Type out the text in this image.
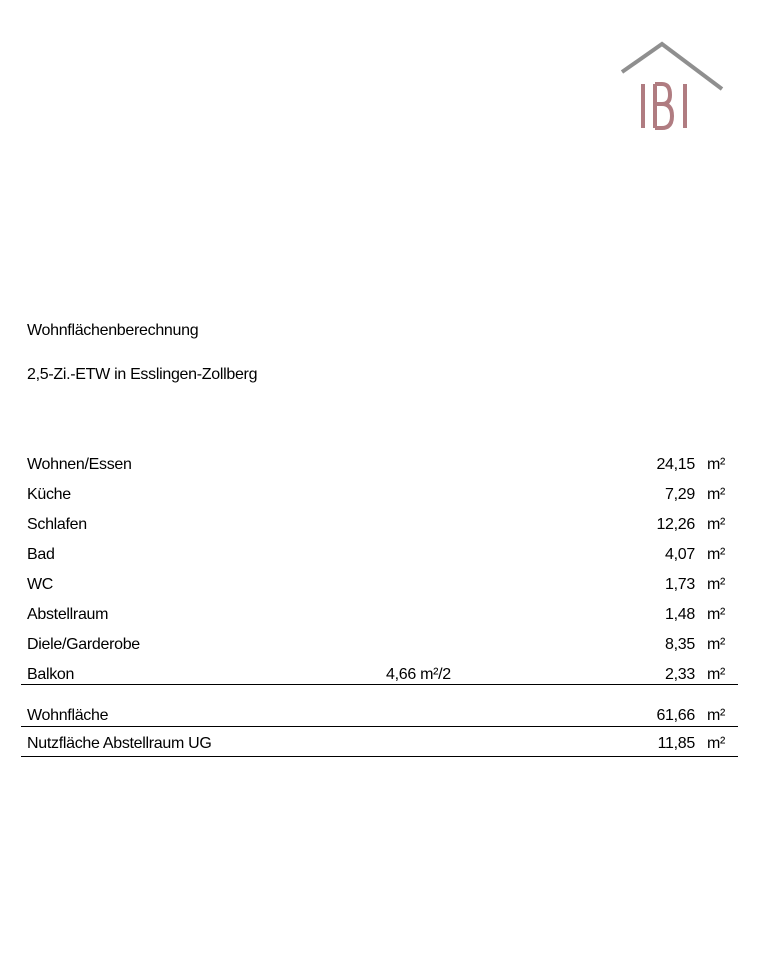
Wohnflächenberechnung
2,5-Zi.-ETW in Esslingen-Zollberg
Wohnen/Essen	24,15 m²
Küche	7,29 m²
Schlafen	12,26 m²
Bad	4,07 m²
WC	1,73 m²
Abstellraum	1,48 m²
Diele/Garderobe	8,35 m²
Balkon	4,66 m²/2	2,33 m²
Wohnfläche	61,66 m²
Nutzfläche Abstellraum UG	11,85 m²
